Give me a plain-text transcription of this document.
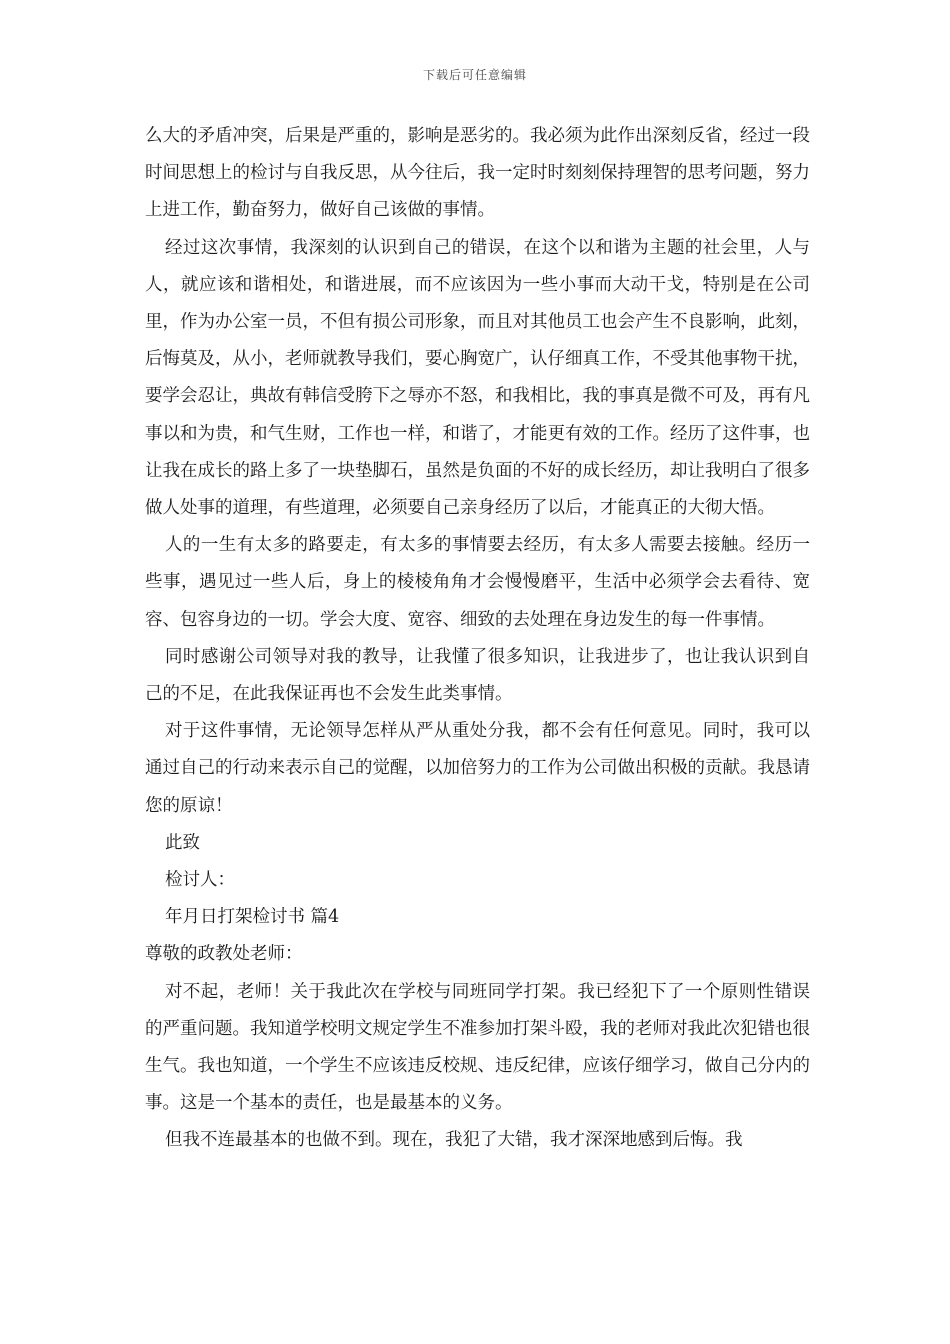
下载后可任意编辑

么大的矛盾冲突，后果是严重的，影响是恶劣的。我必须为此作出深刻反省，经过一段时间思想上的检讨与自我反思，从今往后，我一定时时刻刻保持理智的思考问题，努力上进工作，勤奋努力，做好自己该做的事情。

经过这次事情，我深刻的认识到自己的错误，在这个以和谐为主题的社会里，人与人，就应该和谐相处，和谐进展，而不应该因为一些小事而大动干戈，特别是在公司里，作为办公室一员，不但有损公司形象，而且对其他员工也会产生不良影响，此刻，后悔莫及，从小，老师就教导我们，要心胸宽广，认仔细真工作，不受其他事物干扰，要学会忍让，典故有韩信受胯下之辱亦不怒，和我相比，我的事真是微不可及，再有凡事以和为贵，和气生财，工作也一样，和谐了，才能更有效的工作。经历了这件事，也让我在成长的路上多了一块垫脚石，虽然是负面的不好的成长经历，却让我明白了很多做人处事的道理，有些道理，必须要自己亲身经历了以后，才能真正的大彻大悟。

人的一生有太多的路要走，有太多的事情要去经历，有太多人需要去接触。经历一些事，遇见过一些人后，身上的棱棱角角才会慢慢磨平，生活中必须学会去看待、宽容、包容身边的一切。学会大度、宽容、细致的去处理在身边发生的每一件事情。

同时感谢公司领导对我的教导，让我懂了很多知识，让我进步了，也让我认识到自己的不足，在此我保证再也不会发生此类事情。

对于这件事情，无论领导怎样从严从重处分我，都不会有任何意见。同时，我可以通过自己的行动来表示自己的觉醒，以加倍努力的工作为公司做出积极的贡献。我恳请您的原谅！

此致

检讨人：

年月日打架检讨书 篇4

尊敬的政教处老师：

对不起，老师！关于我此次在学校与同班同学打架。我已经犯下了一个原则性错误的严重问题。我知道学校明文规定学生不准参加打架斗殴，我的老师对我此次犯错也很生气。我也知道，一个学生不应该违反校规、违反纪律，应该仔细学习，做自己分内的事。这是一个基本的责任，也是最基本的义务。

但我不连最基本的也做不到。现在，我犯了大错，我才深深地感到后悔。我
